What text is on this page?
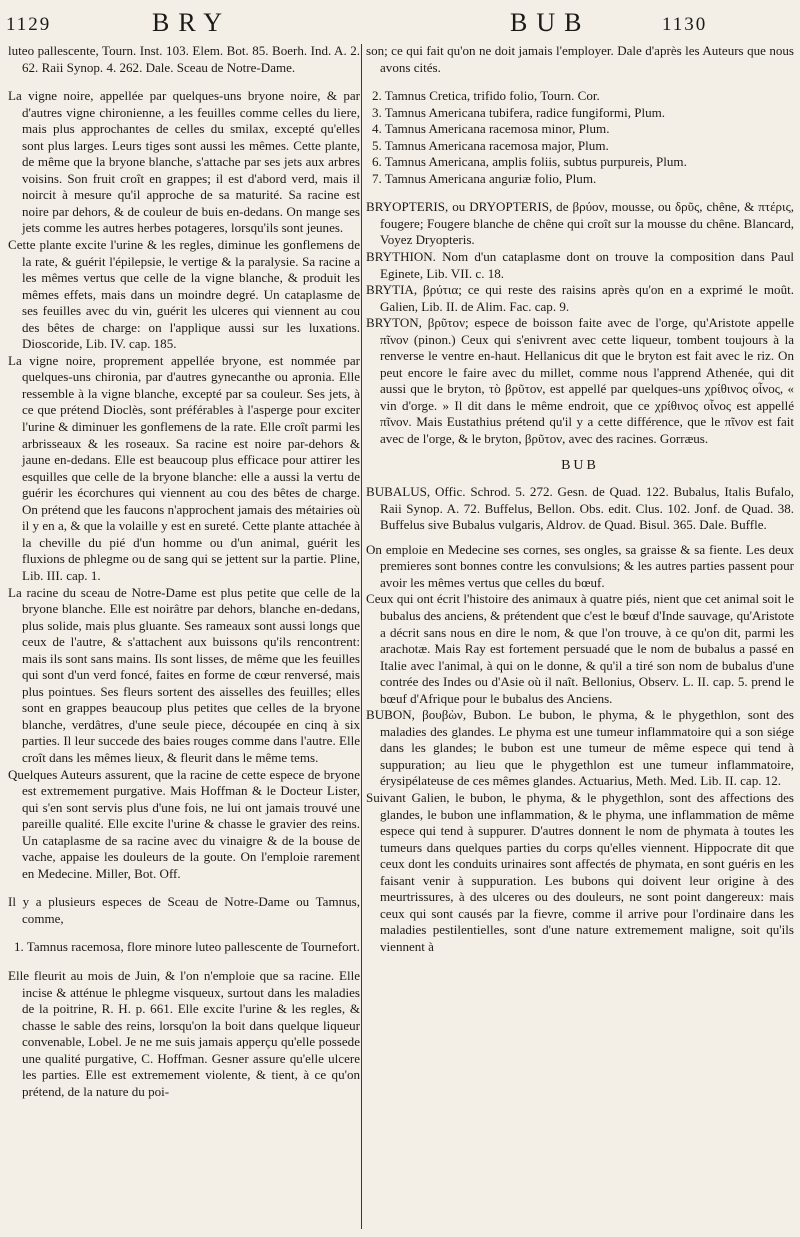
1129	BRY	BUB	1130

luteo pallescente, Tourn. Inst. 103. Elem. Bot. 85. Boerh. Ind. A. 2. 62. Raii Synop. 4. 262. Dale. Sceau de Notre-Dame.

La vigne noire, appellée par quelques-uns bryone noire, & par d'autres vigne chironienne, a les feuilles comme celles du liere, mais plus approchantes de celles du smilax, excepté qu'elles sont plus larges. Leurs tiges sont aussi les mêmes. Cette plante, de même que la bryone blanche, s'attache par ses jets aux arbres voisins. Son fruit croît en grappes; il est d'abord verd, mais il noircit à mesure qu'il approche de sa maturité. Sa racine est noire par dehors, & de couleur de buis en-dedans. On mange ses jets comme les autres herbes potageres, lorsqu'ils sont jeunes.

Cette plante excite l'urine & les regles, diminue les gonflemens de la rate, & guérit l'épilepsie, le vertige & la paralysie. Sa racine a les mêmes vertus que celle de la vigne blanche, & produit les mêmes effets, mais dans un moindre degré. Un cataplasme de ses feuilles avec du vin, guérit les ulceres qui viennent au cou des bêtes de charge: on l'applique aussi sur les luxations. Dioscoride, Lib. IV. cap. 185.

La vigne noire, proprement appellée bryone, est nommée par quelques-uns chironia, par d'autres gynecanthe ou apronia. Elle ressemble à la vigne blanche, excepté par sa couleur. Ses jets, à ce que prétend Dioclès, sont préférables à l'asperge pour exciter l'urine & diminuer les gonflemens de la rate. Elle croît parmi les arbrisseaux & les roseaux. Sa racine est noire par-dehors & jaune en-dedans. Elle est beaucoup plus efficace pour attirer les esquilles que celle de la bryone blanche: elle a aussi la vertu de guérir les écorchures qui viennent au cou des bêtes de charge. On prétend que les faucons n'approchent jamais des métairies où il y en a, & que la volaille y est en sureté. Cette plante attachée à la cheville du pié d'un homme ou d'un animal, guérit les fluxions de phlegme ou de sang qui se jettent sur la partie. Pline, Lib. III. cap. 1.

La racine du sceau de Notre-Dame est plus petite que celle de la bryone blanche. Elle est noirâtre par dehors, blanche en-dedans, plus solide, mais plus gluante. Ses rameaux sont aussi longs que ceux de l'autre, & s'attachent aux buissons qu'ils rencontrent: mais ils sont sans mains. Ils sont lisses, de même que les feuilles qui sont d'un verd foncé, faites en forme de cœur renversé, mais plus pointues. Ses fleurs sortent des aisselles des feuilles; elles sont en grappes beaucoup plus petites que celles de la bryone blanche, verdâtres, d'une seule piece, découpée en cinq à six parties. Il leur succede des baies rouges comme dans l'autre. Elle croît dans les mêmes lieux, & fleurit dans le même tems.

Quelques Auteurs assurent, que la racine de cette espece de bryone est extremement purgative. Mais Hoffman & le Docteur Lister, qui s'en sont servis plus d'une fois, ne lui ont jamais trouvé une pareille qualité. Elle excite l'urine & chasse le gravier des reins. Un cataplasme de sa racine avec du vinaigre & de la bouse de vache, appaise les douleurs de la goute. On l'emploie rarement en Medecine. Miller, Bot. Off.

Il y a plusieurs especes de Sceau de Notre-Dame ou Tamnus, comme,

1. Tamnus racemosa, flore minore luteo pallescente de Tournefort.

Elle fleurit au mois de Juin, & l'on n'emploie que sa racine. Elle incise & atténue le phlegme visqueux, surtout dans les maladies de la poitrine, R. H. p. 661. Elle excite l'urine & les regles, & chasse le sable des reins, lorsqu'on la boit dans quelque liqueur convenable, Lobel. Je ne me suis jamais apperçu qu'elle possede une qualité purgative, C. Hoffman. Gesner assure qu'elle ulcere les parties. Elle est extremement violente, & tient, à ce qu'on prétend, de la nature du poi-

son; ce qui fait qu'on ne doit jamais l'employer. Dale d'après les Auteurs que nous avons cités.

2. Tamnus Cretica, trifido folio, Tourn. Cor.

3. Tamnus Americana tubifera, radice fungiformi, Plum.

4. Tamnus Americana racemosa minor, Plum.

5. Tamnus Americana racemosa major, Plum.

6. Tamnus Americana, amplis foliis, subtus purpureis, Plum.

7. Tamnus Americana anguriæ folio, Plum.

BRYOPTERIS, ou DRYOPTERIS, de βρύον, mousse, ou δρῦς, chêne, & πτέρις, fougere; Fougere blanche de chêne qui croît sur la mousse du chêne. Blancard, Voyez Dryopteris.

BRYTHION. Nom d'un cataplasme dont on trouve la composition dans Paul Eginete, Lib. VII. c. 18.

BRYTIA, βρύτια; ce qui reste des raisins après qu'on en a exprimé le moût. Galien, Lib. II. de Alim. Fac. cap. 9.

BRYTON, βρῦτον; espece de boisson faite avec de l'orge, qu'Aristote appelle πῖνον (pinon.) Ceux qui s'enivrent avec cette liqueur, tombent toujours à la renverse le ventre en-haut. Hellanicus dit que le bryton est fait avec le riz. On peut encore le faire avec du millet, comme nous l'apprend Athenée, qui dit aussi que le bryton, τὸ βρῦτον, est appellé par quelques-uns χρίθινος οἶνος, « vin d'orge. » Il dit dans le même endroit, que ce χρίθινος οἶνος est appellé πῖνον. Mais Eustathius prétend qu'il y a cette différence, que le πῖνον est fait avec de l'orge, & le bryton, βρῦτον, avec des racines. Gorræus.

BUB

BUBALUS, Offic. Schrod. 5. 272. Gesn. de Quad. 122. Bubalus, Italis Bufalo, Raii Synop. A. 72. Buffelus, Bellon. Obs. edit. Clus. 102. Jonf. de Quad. 38. Buffelus sive Bubalus vulgaris, Aldrov. de Quad. Bisul. 365. Dale. Buffle.

On emploie en Medecine ses cornes, ses ongles, sa graisse & sa fiente. Les deux premieres sont bonnes contre les convulsions; & les autres parties passent pour avoir les mêmes vertus que celles du bœuf.

Ceux qui ont écrit l'histoire des animaux à quatre piés, nient que cet animal soit le bubalus des anciens, & prétendent que c'est le bœuf d'Inde sauvage, qu'Aristote a décrit sans nous en dire le nom, & que l'on trouve, à ce qu'on dit, parmi les arachotæ. Mais Ray est fortement persuadé que le nom de bubalus a passé en Italie avec l'animal, à qui on le donne, & qu'il a tiré son nom de bubalus d'une contrée des Indes ou d'Asie où il naît. Bellonius, Observ. L. II. cap. 5. prend le bœuf d'Afrique pour le bubalus des Anciens.

BUBON, βουβὼν, Bubon. Le bubon, le phyma, & le phygethlon, sont des maladies des glandes. Le phyma est une tumeur inflammatoire qui a son siége dans les glandes; le bubon est une tumeur de même espece qui tend à suppuration; au lieu que le phygethlon est une tumeur inflammatoire, érysipélateuse de ces mêmes glandes. Actuarius, Meth. Med. Lib. II. cap. 12.

Suivant Galien, le bubon, le phyma, & le phygethlon, sont des affections des glandes, le bubon une inflammation, & le phyma, une inflammation de même espece qui tend à suppurer. D'autres donnent le nom de phymata à toutes les tumeurs dans quelques parties du corps qu'elles viennent. Hippocrate dit que ceux dont les conduits urinaires sont affectés de phymata, en sont guéris en les faisant venir à suppuration. Les bubons qui doivent leur origine à des meurtrissures, à des ulceres ou des douleurs, ne sont point dangereux: mais ceux qui sont causés par la fievre, comme il arrive pour l'ordinaire dans les maladies pestilentielles, sont d'une nature extremement maligne, soit qu'ils viennent à
